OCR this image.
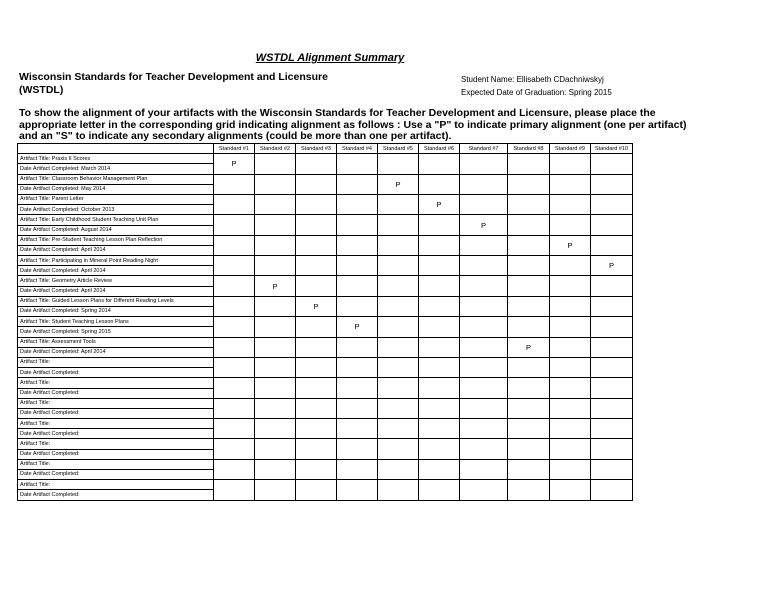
WSTDL Alignment Summary
Wisconsin Standards for Teacher Development and Licensure
(WSTDL)
Student Name: Ellisabeth CDachniwskyj
Expected Date of Graduation: Spring 2015
To show the alignment of your artifacts with the Wisconsin Standards for Teacher Development and Licensure, please place the appropriate letter in the corresponding grid indicating alignment as follows : Use a "P" to indicate primary alignment (one per artifact) and an "S" to indicate any secondary alignments (could be more than one per artifact).
	Standard #1	Standard #2	Standard #3	Standard #4	Standard #5	Standard #6	Standard #7	Standard #8	Standard #9	Standard #10
Artifact Title: Praxis II Scores	P									
Date Artifact Completed: March 2014										
Artifact Title: Classroom Behavior Management Plan					P					
Date Artifact Completed: May 2014										
Artifact Title: Parent Letter						P				
Date Artifact Completed: October 2013										
Artifact Title: Early Childhood Student Teaching Unit Plan							P			
Date Artifact Completed: August 2014										
Artifact Title: Pre-Student Teaching Lesson Plan Reflection									P	
Date Artifact Completed: April 2014										
Artifact Title: Participating in Mineral Point Reading Night										P
Date Artifact Completed: April 2014										
Artifact Title: Geometry Article Review		P								
Date Artifact Completed: April 2014										
Artifact Title: Guided Lesson Plans for Different Reading Levels			P							
Date Artifact Completed: Spring 2014										
Artifact Title: Student Teaching Lesson Plans				P						
Date Artifact Completed: Spring 2015										
Artifact Title: Assessment Tools								P		
Date Artifact Completed: April 2014										
Artifact Title:										
Date Artifact Completed:										
Artifact Title:										
Date Artifact Completed:										
Artifact Title:										
Date Artifact Completed:										
Artifact Title:										
Date Artifact Completed:										
Artifact Title:										
Date Artifact Completed:										
Artifact Title:										
Date Artifact Completed:										
Artifact Title:										
Date Artifact Completed:										
